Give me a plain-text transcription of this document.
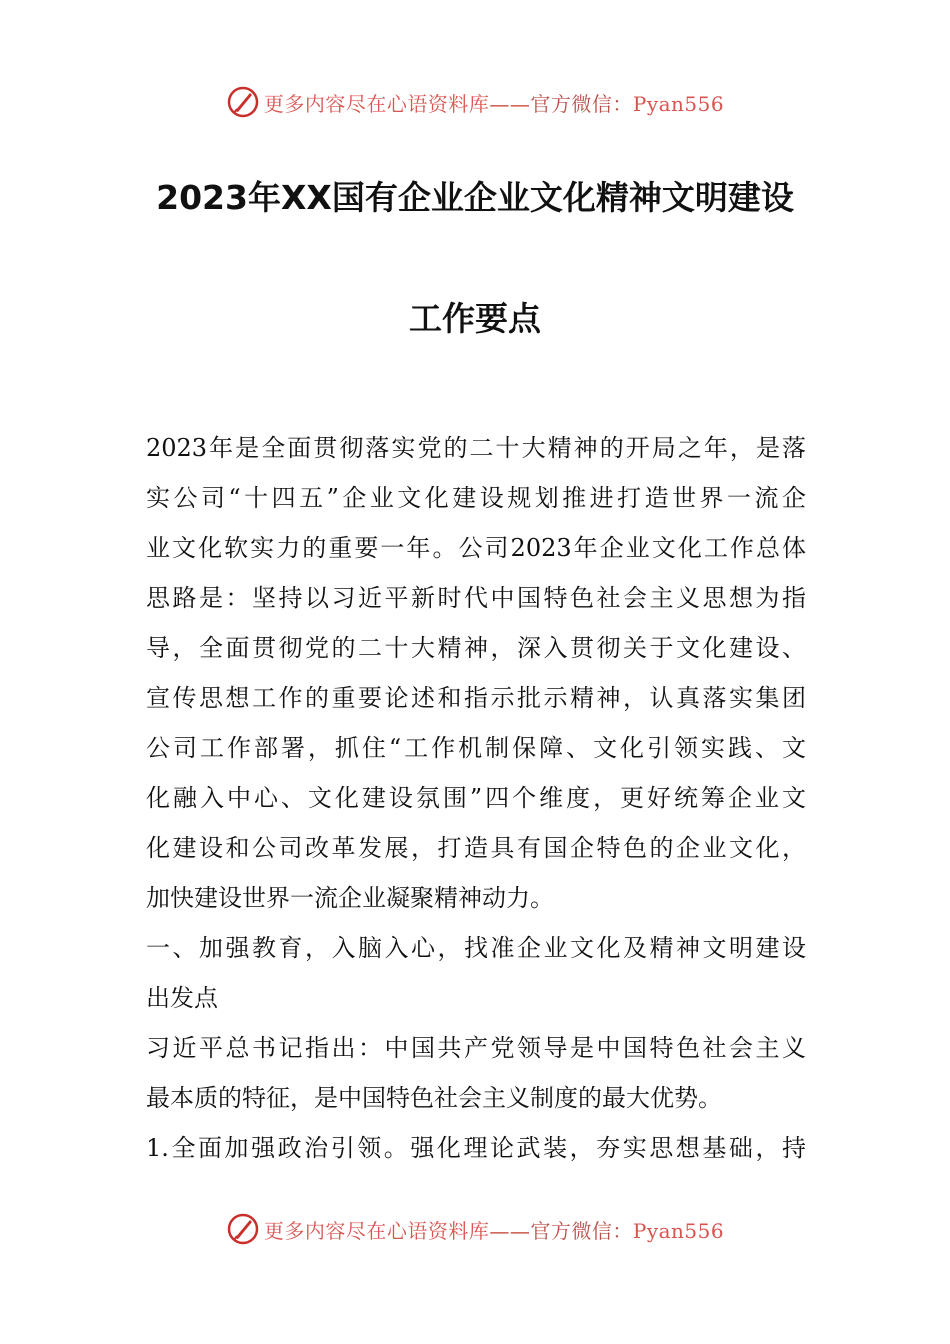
更多内容尽在心语资料库——官方微信：Pyan556
2023年XX国有企业企业文化精神文明建设
工作要点
2023年是全面贯彻落实党的二十大精神的开局之年，是落
实公司“十四五”企业文化建设规划推进打造世界一流企
业文化软实力的重要一年。公司2023年企业文化工作总体
思路是：坚持以习近平新时代中国特色社会主义思想为指
导，全面贯彻党的二十大精神，深入贯彻关于文化建设、
宣传思想工作的重要论述和指示批示精神，认真落实集团
公司工作部署，抓住“工作机制保障、文化引领实践、文
化融入中心、文化建设氛围”四个维度，更好统筹企业文
化建设和公司改革发展，打造具有国企特色的企业文化，
加快建设世界一流企业凝聚精神动力。
一、加强教育，入脑入心，找准企业文化及精神文明建设
出发点
习近平总书记指出：中国共产党领导是中国特色社会主义
最本质的特征，是中国特色社会主义制度的最大优势。
1.全面加强政治引领。强化理论武装，夯实思想基础，持
更多内容尽在心语资料库——官方微信：Pyan556
